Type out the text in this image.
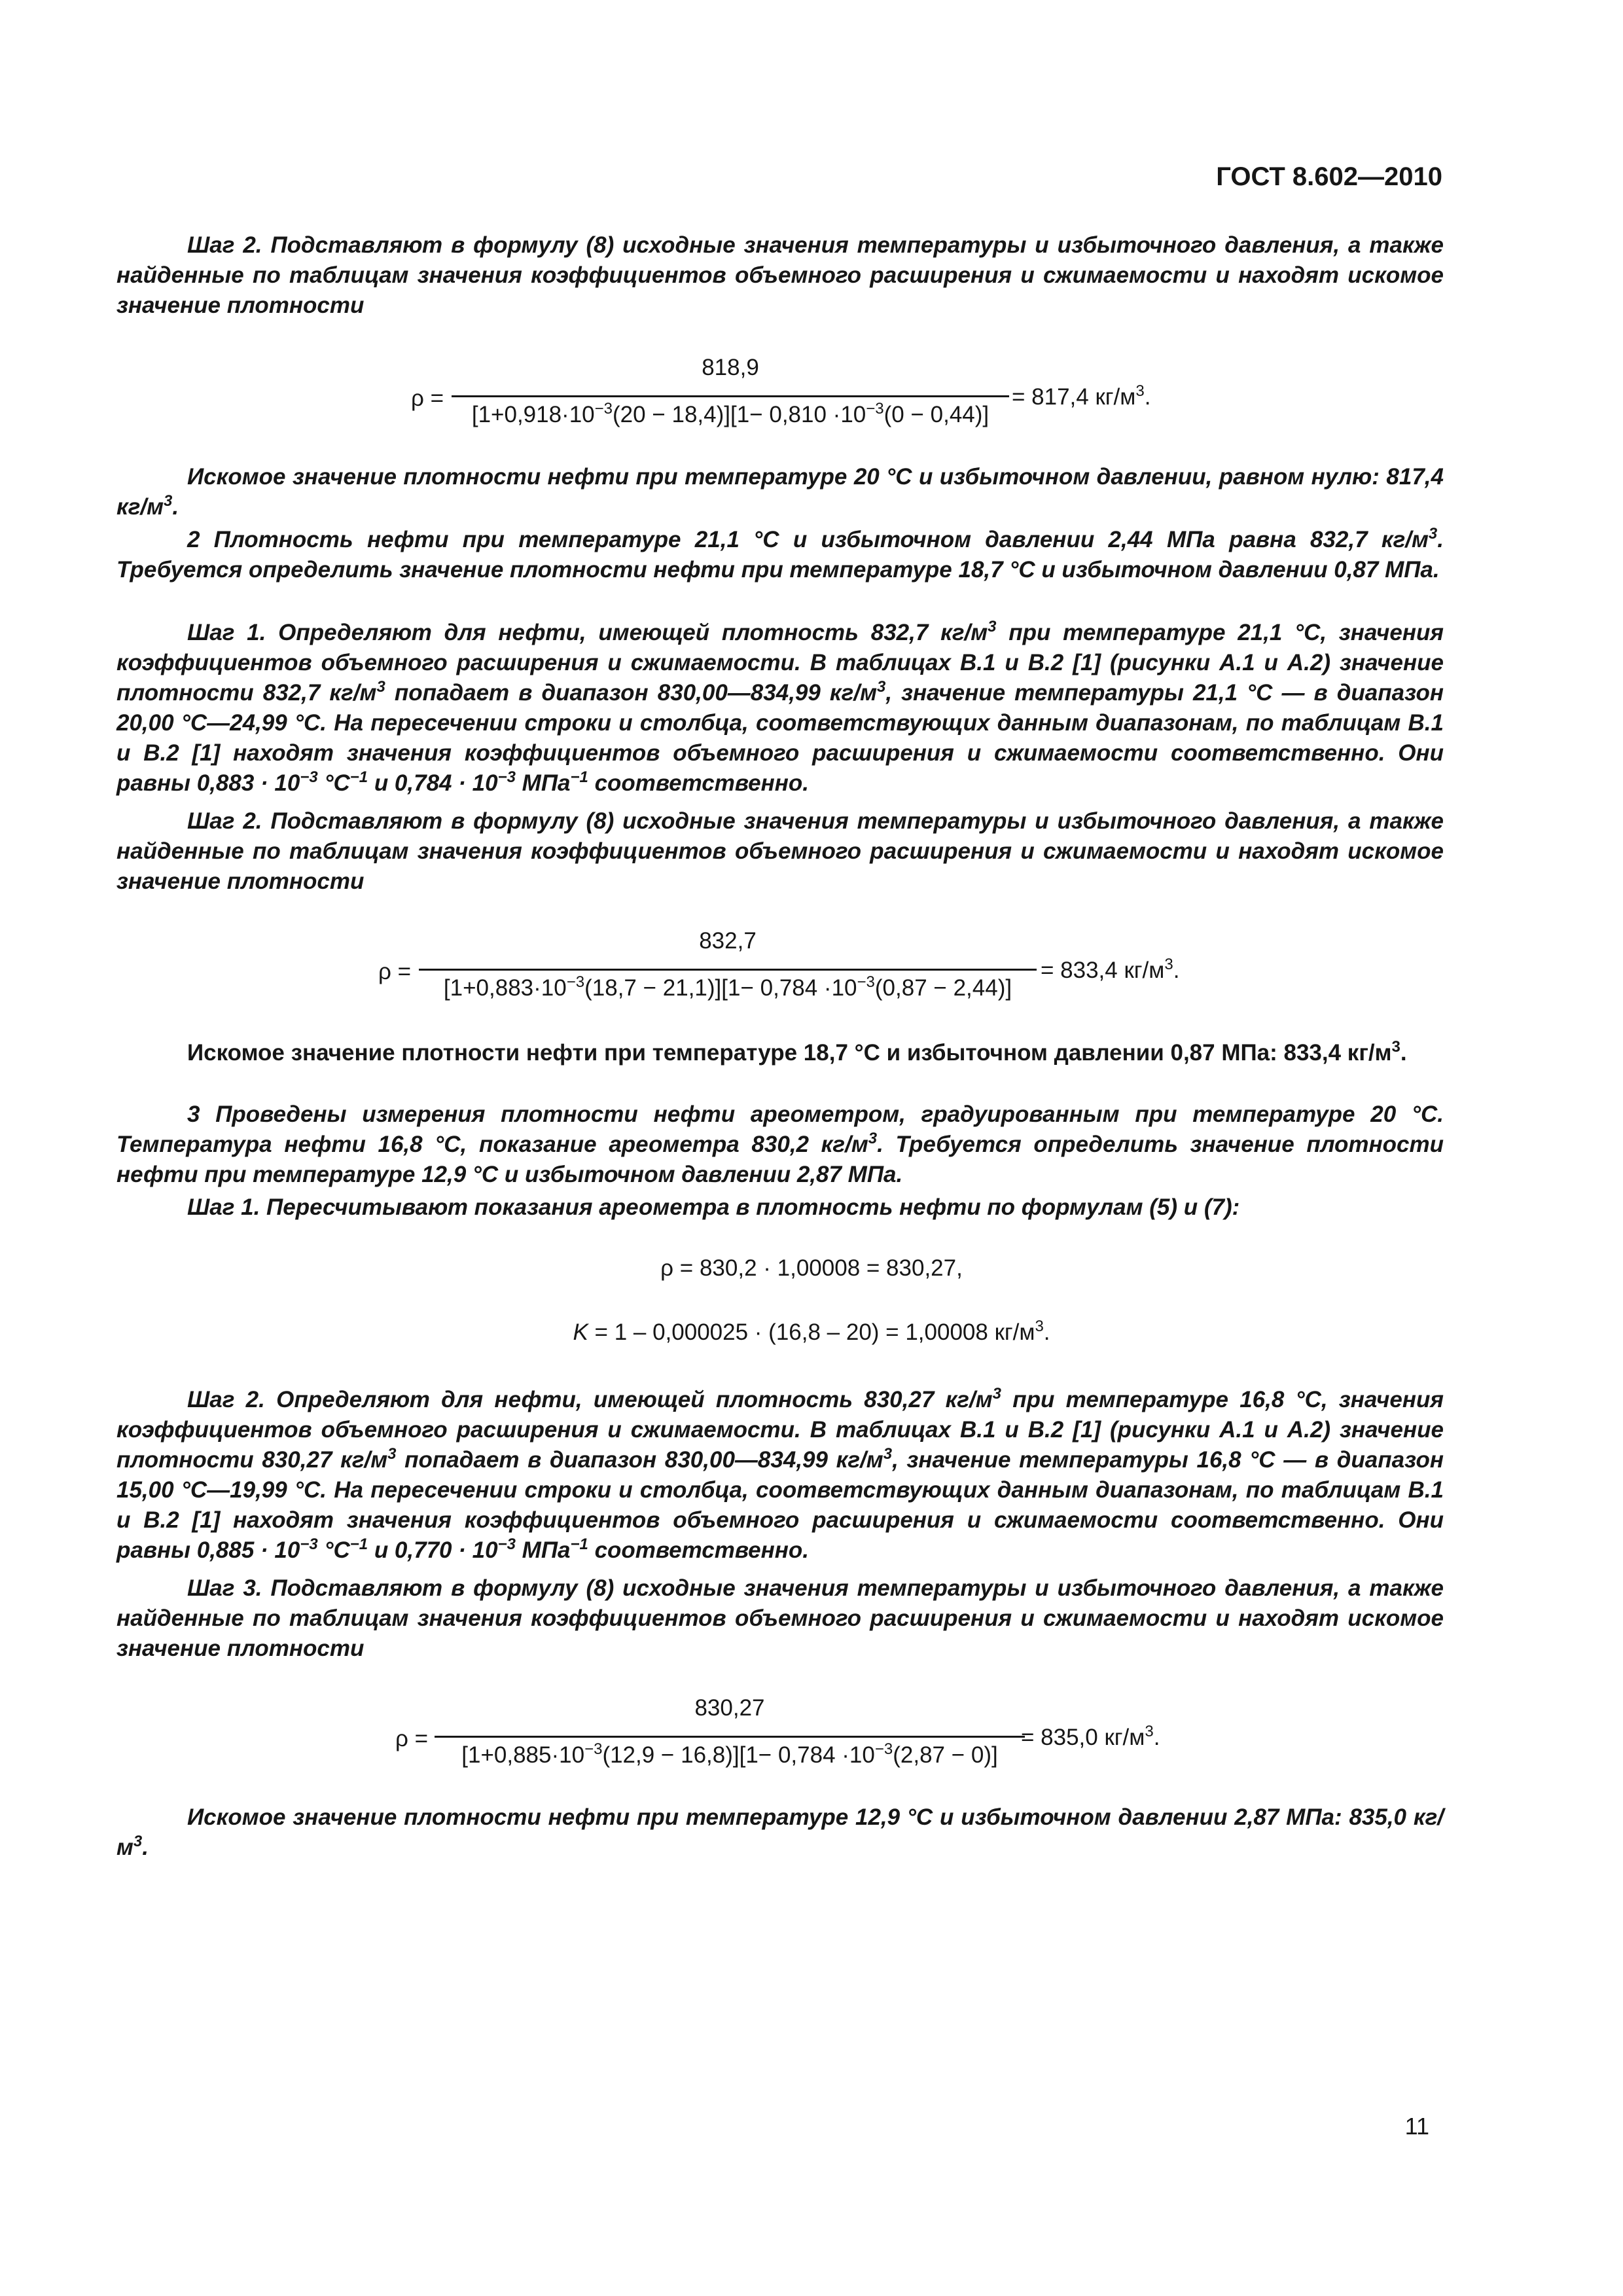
ГОСТ 8.602—2010
Шаг 2. Подставляют в формулу (8) исходные значения температуры и избыточного давления, а также найденные по таблицам значения коэффициентов объемного расширения и сжимаемости и находят искомое значение плотности
ρ =
818,9
$[1+0,918\cdot 10^{-3}(20 - 18,4)][1- 0,810 \cdot 10^{-3}(0 - 0,44)]$
= 817,4 $кг/м^3$.
Искомое значение плотности нефти при температуре 20 °С и избыточном давлении, равном нулю: 817,4 $кг/м^3$.
2 Плотность нефти при температуре 21,1 °С и избыточном давлении 2,44 МПа равна 832,7 $кг/м^3$. Требуется определить значение плотности нефти при температуре 18,7 °С и избыточном давлении 0,87 МПа.
Шаг 1. Определяют для нефти, имеющей плотность 832,7 $кг/м^3$ при температуре 21,1 °С, значения коэффициентов объемного расширения и сжимаемости. В таблицах В.1 и В.2 [1] (рисунки А.1 и А.2) значение плотности 832,7 $кг/м^3$ попадает в диапазон 830,00—834,99 $кг/м^3$, значение температуры 21,1 °С — в диапазон 20,00 °С—24,99 °С. На пересечении строки и столбца, соответствующих данным диапазонам, по таблицам В.1 и В.2 [1] находят значения коэффициентов объемного расширения и сжимаемости соответственно. Они равны $0,883 \cdot 10^{-3}$ $^\circ С^{-1}$ и $0,784 \cdot 10^{-3}$ МПа$^{-1}$ соответственно.
Шаг 2. Подставляют в формулу (8) исходные значения температуры и избыточного давления, а также найденные по таблицам значения коэффициентов объемного расширения и сжимаемости и находят искомое значение плотности
ρ =
832,7
$[1+0,883\cdot 10^{-3}(18,7 - 21,1)][1- 0,784 \cdot 10^{-3}(0,87 - 2,44)]$
= 833,4 $кг/м^3$.
Искомое значение плотности нефти при температуре 18,7 °С и избыточном давлении 0,87 МПа: 833,4 $кг/м^3$.
3 Проведены измерения плотности нефти ареометром, градуированным при температуре 20 °С. Температура нефти 16,8 °С, показание ареометра 830,2 $кг/м^3$. Требуется определить значение плотности нефти при температуре 12,9 °С и избыточном давлении 2,87 МПа.
Шаг 1. Пересчитывают показания ареометра в плотность нефти по формулам (5) и (7):
ρ = 830,2 · 1,00008 = 830,27,
K = 1 – 0,000025 · (16,8 – 20) = 1,00008 $кг/м^3$.
Шаг 2. Определяют для нефти, имеющей плотность 830,27 $кг/м^3$ при температуре 16,8 °С, значения коэффициентов объемного расширения и сжимаемости. В таблицах В.1 и В.2 [1] (рисунки А.1 и А.2) значение плотности 830,27 $кг/м^3$ попадает в диапазон 830,00—834,99 $кг/м^3$, значение температуры 16,8 °С — в диапазон 15,00 °С—19,99 °С. На пересечении строки и столбца, соответствующих данным диапазонам, по таблицам В.1 и В.2 [1] находят значения коэффициентов объемного расширения и сжимаемости соответственно. Они равны $0,885 \cdot 10^{-3}$ $^\circ С^{-1}$ и $0,770 \cdot 10^{-3}$ МПа$^{-1}$ соответственно.
Шаг 3. Подставляют в формулу (8) исходные значения температуры и избыточного давления, а также найденные по таблицам значения коэффициентов объемного расширения и сжимаемости и находят искомое значение плотности
ρ =
830,27
$[1+0,885\cdot 10^{-3}(12,9 - 16,8)][1- 0,784 \cdot 10^{-3}(2,87 - 0)]$
= 835,0 $кг/м^3$.
Искомое значение плотности нефти при температуре 12,9 °С и избыточном давлении 2,87 МПа: 835,0 $кг/м^3$.
11
